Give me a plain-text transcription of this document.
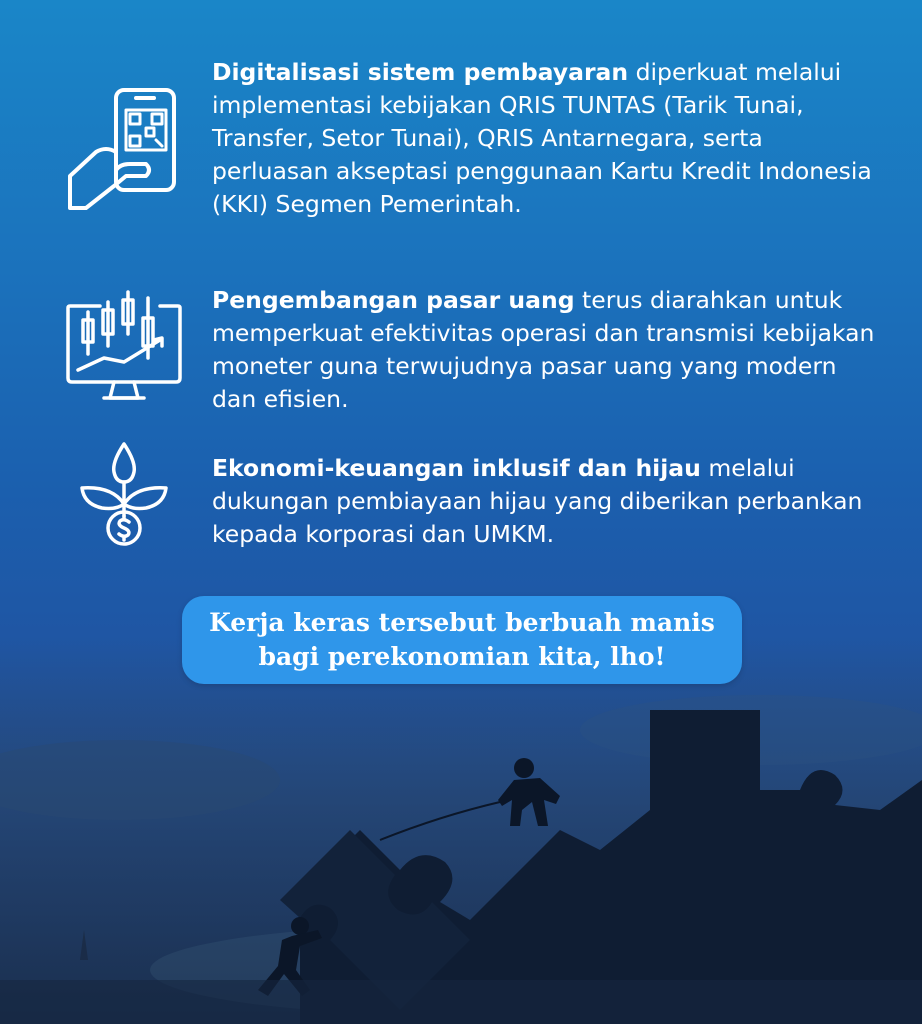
Digitalisasi sistem pembayaran diperkuat melalui implementasi kebijakan QRIS TUNTAS (Tarik Tunai, Transfer, Setor Tunai), QRIS Antarnegara, serta perluasan akseptasi penggunaan Kartu Kredit Indonesia (KKI) Segmen Pemerintah.
Pengembangan pasar uang terus diarahkan untuk memperkuat efektivitas operasi dan transmisi kebijakan moneter guna terwujudnya pasar uang yang modern dan efisien.
Ekonomi-keuangan inklusif dan hijau melalui dukungan pembiayaan hijau yang diberikan perbankan kepada korporasi dan UMKM.
Kerja keras tersebut berbuah manis
bagi perekonomian kita, lho!
